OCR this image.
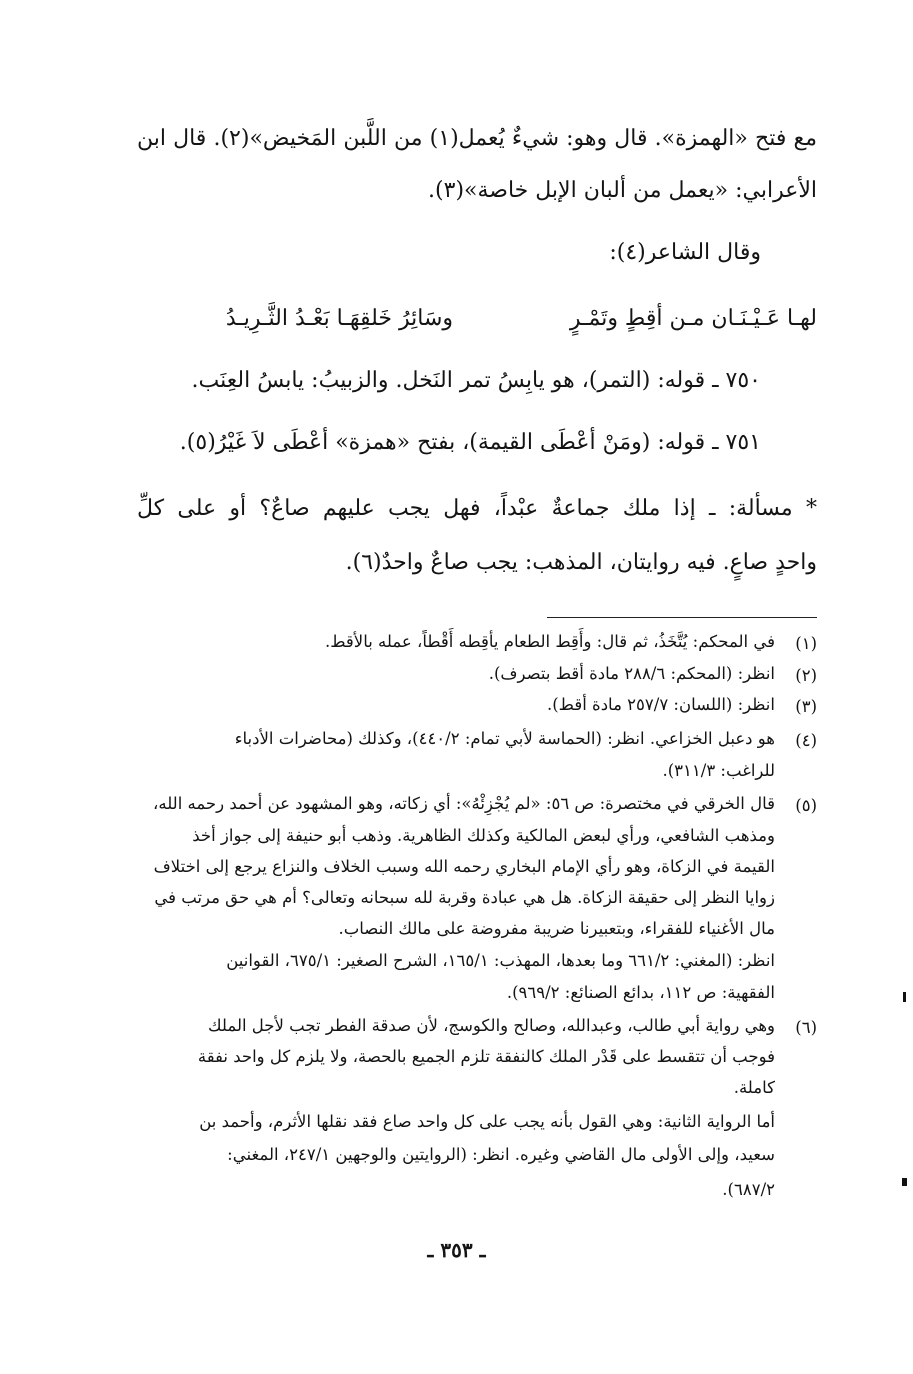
مع فتح «الهمزة». قال وهو: شيءٌ يُعمل(١) من اللَّبن المَخيض»(٢). قال ابن
الأعرابي: «يعمل من ألبان الإبل خاصة»(٣).
وقال الشاعر(٤):
لهـا عَـيْـنَـان مـن أقِطٍ وتَمْـرٍ
وسَائِرُ خَلقِهَـا بَعْـدُ الثَّـرِيـدُ
٧٥٠ ـ قوله: (التمر)، هو يابِسُ تمر النَخل. والزبيبُ: يابسُ العِنَب.
٧٥١ ـ قوله: (ومَنْ أعْطَى القيمة)، بفتح «همزة» أعْطَى لاَ غَيْرُ(٥).
* مسألة: ـ إذا ملك جماعةٌ عبْداً، فهل يجب عليهم صاعٌ؟ أو على كلِّ
واحدٍ صاعٍ. فيه روايتان، المذهب: يجب صاعٌ واحدٌ(٦).
(١)
في المحكم: يُتَّخَذُ، ثم قال: وأَقِط الطعام يأقِطه أَقْطاً، عمله بالأقط.
(٢)
انظر: (المحكم: ٢٨٨/٦ مادة أقط بتصرف).
(٣)
انظر: (اللسان: ٢٥٧/٧ مادة أقط).
(٤)
هو دعبل الخزاعي. انظر: (الحماسة لأبي تمام: ٤٤٠/٢)، وكذلك (محاضرات الأدباء
للراغب: ٣١١/٣).
(٥)
قال الخرقي في مختصرة: ص ٥٦: «لم يُجْزِئْهُ»: أي زكاته، وهو المشهود عن أحمد رحمه الله،
ومذهب الشافعي، ورأي لبعض المالكية وكذلك الظاهرية. وذهب أبو حنيفة إلى جواز أخذ
القيمة في الزكاة، وهو رأي الإمام البخاري رحمه الله وسبب الخلاف والنزاع يرجع إلى اختلاف
زوايا النظر إلى حقيقة الزكاة. هل هي عبادة وقربة لله سبحانه وتعالى؟ أم هي حق مرتب في
مال الأغنياء للفقراء، وبتعبيرنا ضريبة مفروضة على مالك النصاب.
انظر: (المغني: ٦٦١/٢ وما بعدها، المهذب: ١٦٥/١، الشرح الصغير: ٦٧٥/١، القوانين
الفقهية: ص ١١٢، بدائع الصنائع: ٩٦٩/٢).
(٦)
وهي رواية أبي طالب، وعبدالله، وصالح والكوسج، لأن صدقة الفطر تجب لأجل الملك
فوجب أن تتقسط على قَدْر الملك كالنفقة تلزم الجميع بالحصة، ولا يلزم كل واحد نفقة
كاملة.
أما الرواية الثانية: وهي القول بأنه يجب على كل واحد صاع فقد نقلها الأثرم، وأحمد بن
سعيد، وإلى الأولى مال القاضي وغيره. انظر: (الروايتين والوجهين ٢٤٧/١، المغني:
٦٨٧/٢).
ـ ٣٥٣ ـ
